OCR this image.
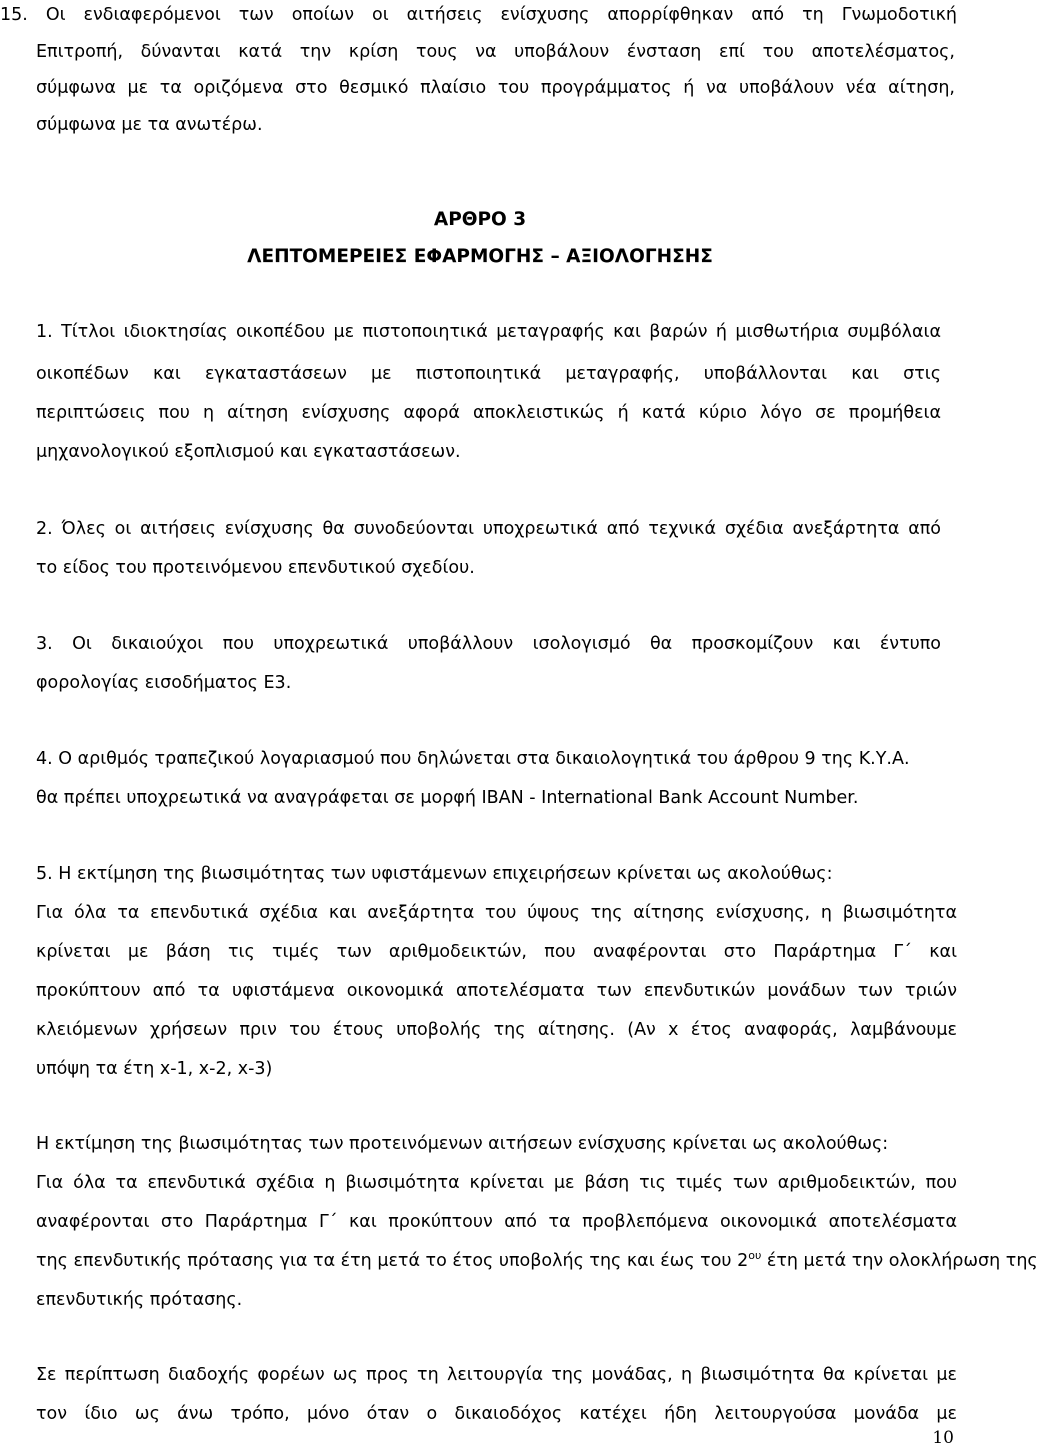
15. Οι ενδιαφερόμενοι των οποίων οι αιτήσεις ενίσχυσης απορρίφθηκαν από τη Γνωμοδοτική
Επιτροπή, δύνανται κατά την κρίση τους να υποβάλουν ένσταση επί του αποτελέσματος,
σύμφωνα με τα οριζόμενα στο θεσμικό πλαίσιο του προγράμματος ή να υποβάλουν νέα αίτηση,
σύμφωνα με τα ανωτέρω.
ΑΡΘΡΟ 3
ΛΕΠΤΟΜΕΡΕΙΕΣ ΕΦΑΡΜΟΓΗΣ – ΑΞΙΟΛΟΓΗΣΗΣ
1. Τίτλοι ιδιοκτησίας οικοπέδου με πιστοποιητικά μεταγραφής και βαρών ή μισθωτήρια συμβόλαια
οικοπέδων και εγκαταστάσεων με πιστοποιητικά μεταγραφής, υποβάλλονται και στις
περιπτώσεις που η αίτηση ενίσχυσης αφορά αποκλειστικώς ή κατά κύριο λόγο σε προμήθεια
μηχανολογικού εξοπλισμού και εγκαταστάσεων.
2. Όλες οι αιτήσεις ενίσχυσης θα συνοδεύονται υποχρεωτικά από τεχνικά σχέδια ανεξάρτητα από
το είδος του προτεινόμενου επενδυτικού σχεδίου.
3. Οι δικαιούχοι που υποχρεωτικά υποβάλλουν ισολογισμό θα προσκομίζουν και έντυπο
φορολογίας εισοδήματος Ε3.
4. Ο αριθμός τραπεζικού λογαριασμού που δηλώνεται στα δικαιολογητικά του άρθρου 9 της Κ.Υ.Α.
θα πρέπει υποχρεωτικά να αναγράφεται σε μορφή IBAN - International Bank Account Number.
5. Η εκτίμηση της βιωσιμότητας των υφιστάμενων επιχειρήσεων κρίνεται ως ακολούθως:
Για όλα τα επενδυτικά σχέδια και ανεξάρτητα του ύψους της αίτησης ενίσχυσης, η βιωσιμότητα
κρίνεται με βάση τις τιμές των αριθμοδεικτών, που αναφέρονται στο Παράρτημα Γ΄ και
προκύπτουν από τα υφιστάμενα οικονομικά αποτελέσματα των επενδυτικών μονάδων των τριών
κλειόμενων χρήσεων πριν του έτους υποβολής της αίτησης. (Αν x έτος αναφοράς, λαμβάνουμε
υπόψη τα έτη x-1, x-2, x-3)
Η εκτίμηση της βιωσιμότητας των προτεινόμενων αιτήσεων ενίσχυσης κρίνεται ως ακολούθως:
Για όλα τα επενδυτικά σχέδια η βιωσιμότητα κρίνεται με βάση τις τιμές των αριθμοδεικτών, που
αναφέρονται στο Παράρτημα Γ΄ και προκύπτουν από τα προβλεπόμενα οικονομικά αποτελέσματα
της επενδυτικής πρότασης για τα έτη μετά το έτος υποβολής της και έως του $2^{o\upsilon}$ έτη μετά την ολοκλήρωση της
επενδυτικής πρότασης.
Σε περίπτωση διαδοχής φορέων ως προς τη λειτουργία της μονάδας, η βιωσιμότητα θα κρίνεται με
τον ίδιο ως άνω τρόπο, μόνο όταν ο δικαιοδόχος κατέχει ήδη λειτουργούσα μονάδα με
10
